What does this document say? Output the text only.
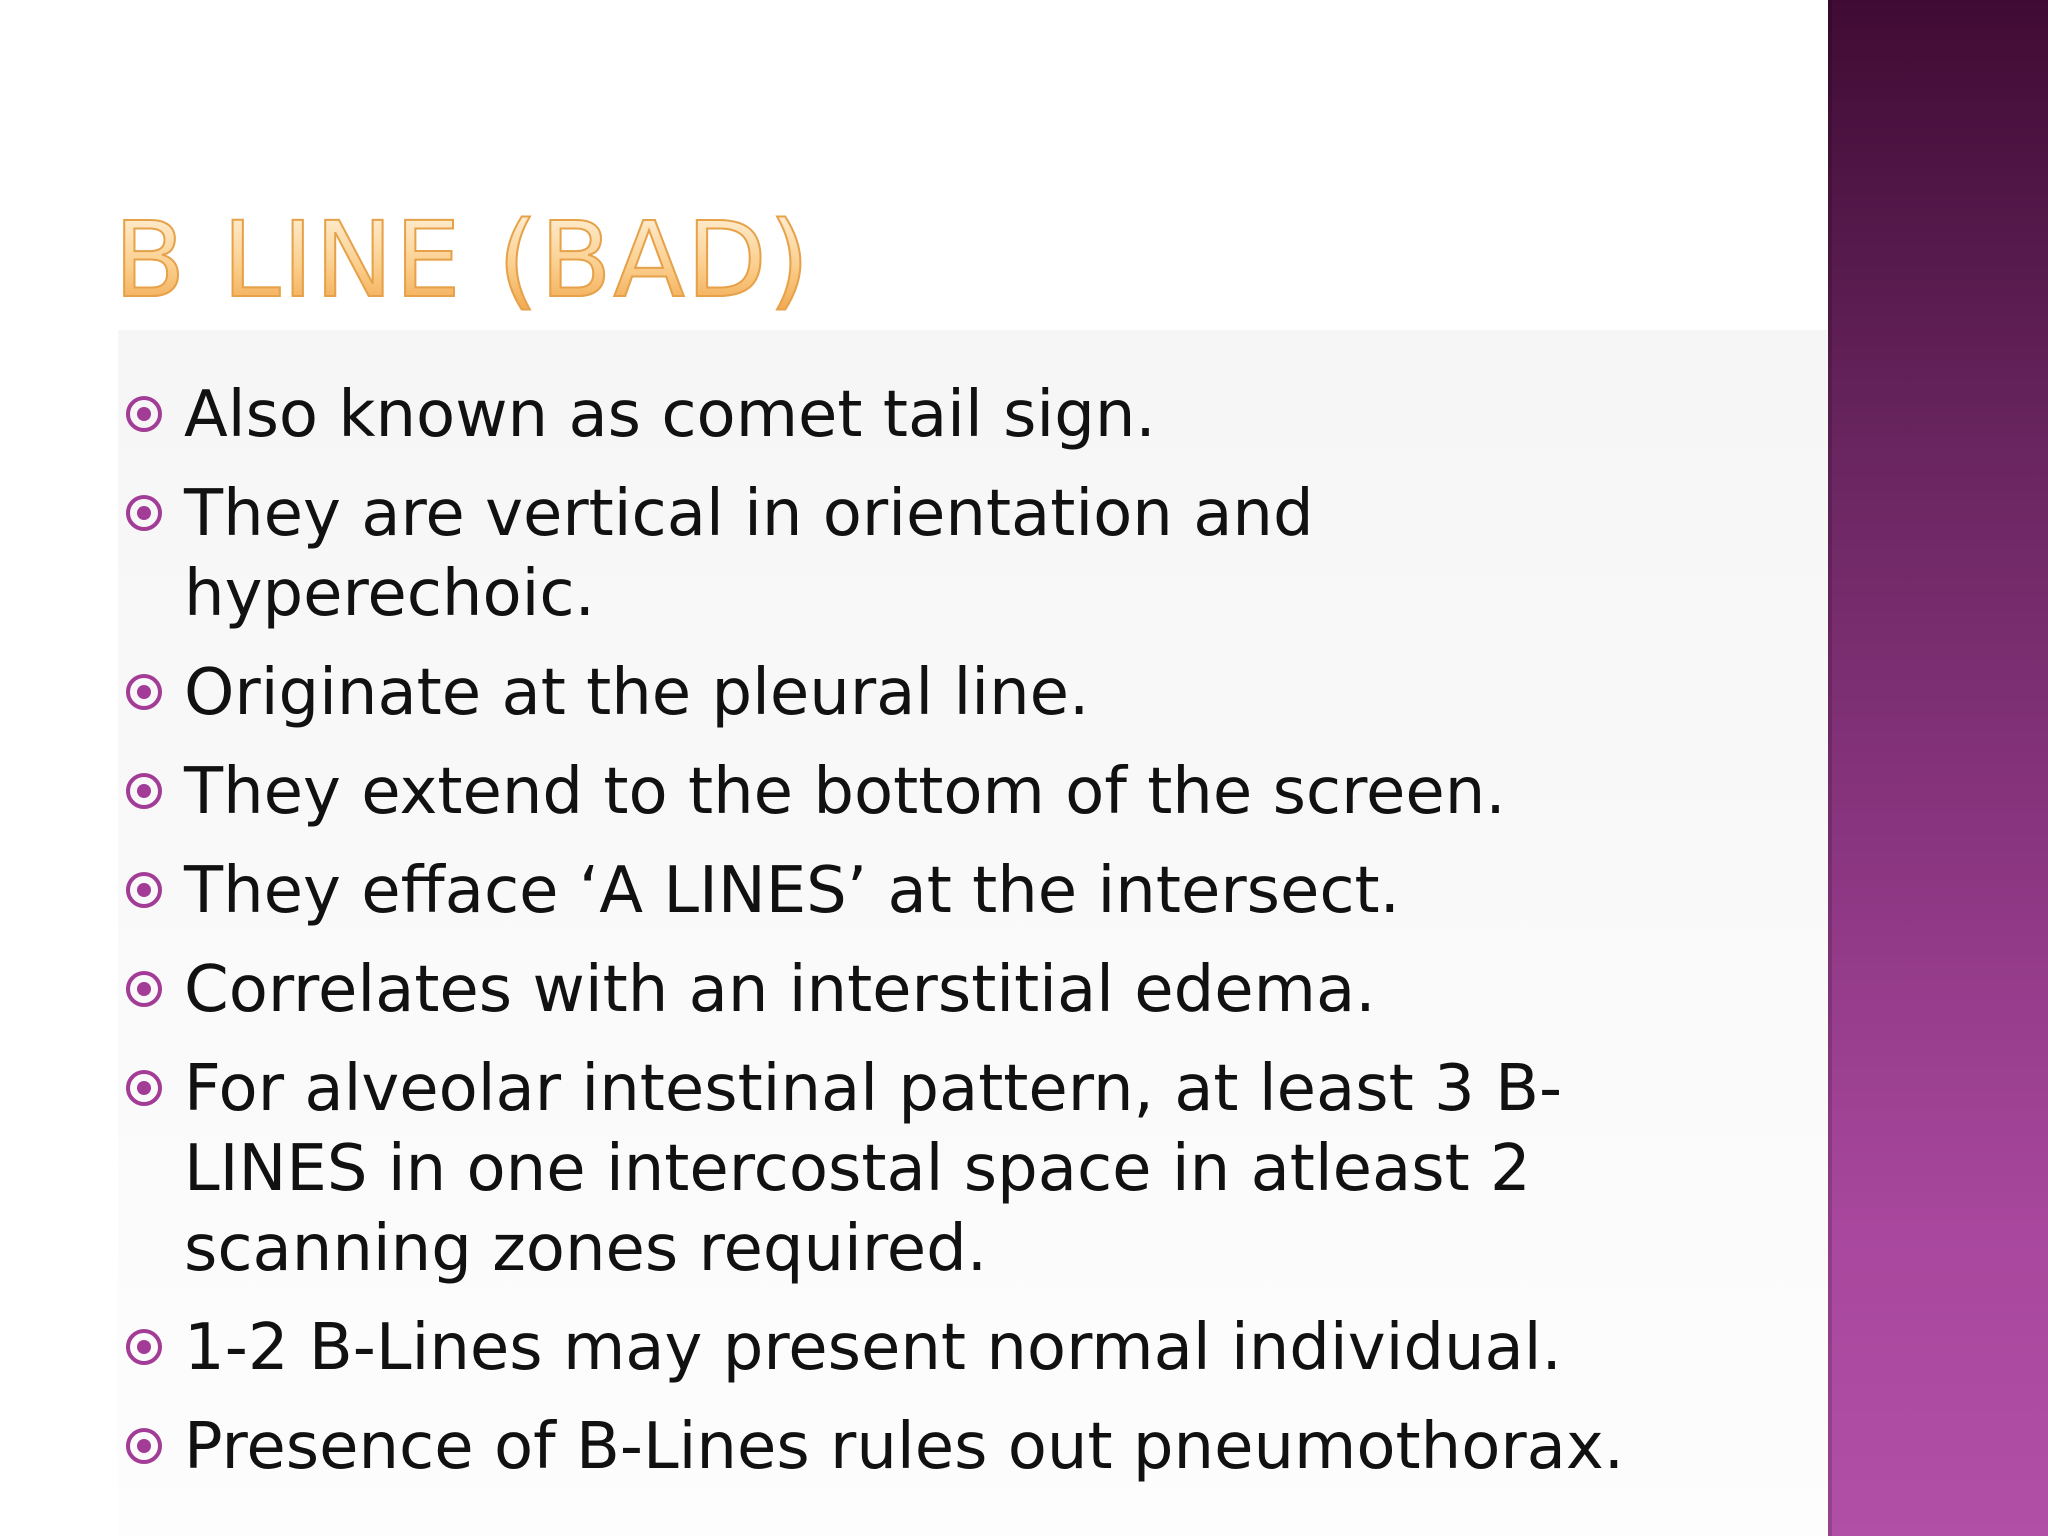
B LINE (BAD)
Also known as comet tail sign.
They are vertical in orientation and hyperechoic.
Originate at the pleural line.
They extend to the bottom of the screen.
They efface ‘A LINES’ at the intersect.
Correlates with an interstitial edema.
For alveolar intestinal pattern, at least 3 B-
LINES in one intercostal space in atleast 2
scanning zones required.
1-2 B-Lines may present normal individual.
Presence of B-Lines rules out pneumothorax.
